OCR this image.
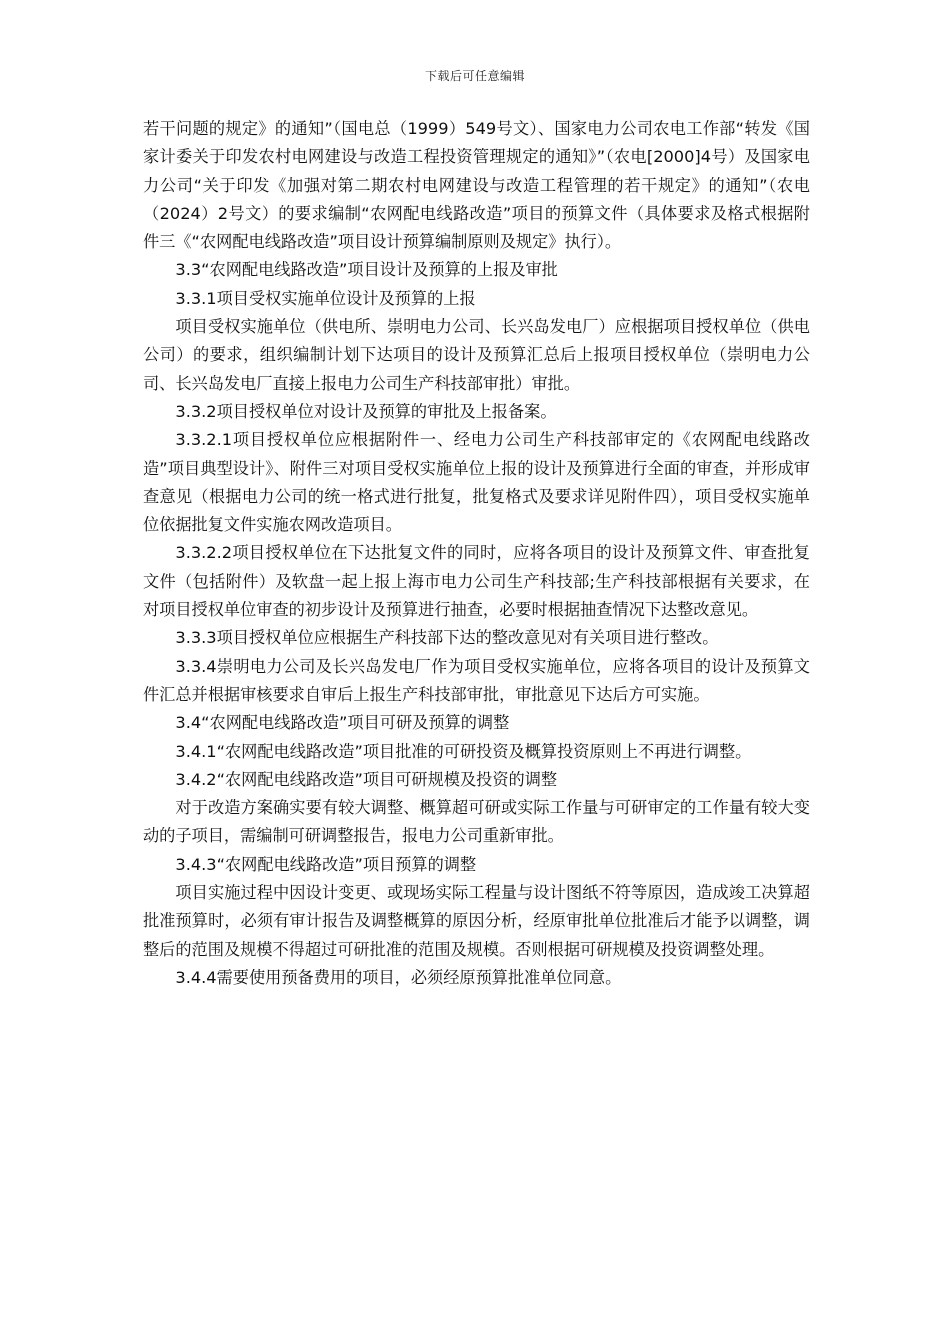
下载后可任意编辑

若干问题的规定》的通知”（国电总（1999）549号文）、国家电力公司农电工作部“转发《国家计委关于印发农村电网建设与改造工程投资管理规定的通知》”（农电[2000]4号）及国家电力公司“关于印发《加强对第二期农村电网建设与改造工程管理的若干规定》的通知”（农电（2024）2号文）的要求编制“农网配电线路改造”项目的预算文件（具体要求及格式根据附件三《“农网配电线路改造”项目设计预算编制原则及规定》执行）。

3.3“农网配电线路改造”项目设计及预算的上报及审批

3.3.1项目受权实施单位设计及预算的上报

项目受权实施单位（供电所、崇明电力公司、长兴岛发电厂）应根据项目授权单位（供电公司）的要求，组织编制计划下达项目的设计及预算汇总后上报项目授权单位（崇明电力公司、长兴岛发电厂直接上报电力公司生产科技部审批）审批。

3.3.2项目授权单位对设计及预算的审批及上报备案。

3.3.2.1项目授权单位应根据附件一、经电力公司生产科技部审定的《农网配电线路改造”项目典型设计》、附件三对项目受权实施单位上报的设计及预算进行全面的审查，并形成审查意见（根据电力公司的统一格式进行批复，批复格式及要求详见附件四），项目受权实施单位依据批复文件实施农网改造项目。

3.3.2.2项目授权单位在下达批复文件的同时，应将各项目的设计及预算文件、审查批复文件（包括附件）及软盘一起上报上海市电力公司生产科技部;生产科技部根据有关要求，在对项目授权单位审查的初步设计及预算进行抽查，必要时根据抽查情况下达整改意见。

3.3.3项目授权单位应根据生产科技部下达的整改意见对有关项目进行整改。

3.3.4崇明电力公司及长兴岛发电厂作为项目受权实施单位，应将各项目的设计及预算文件汇总并根据审核要求自审后上报生产科技部审批，审批意见下达后方可实施。

3.4“农网配电线路改造”项目可研及预算的调整

3.4.1“农网配电线路改造”项目批准的可研投资及概算投资原则上不再进行调整。

3.4.2“农网配电线路改造”项目可研规模及投资的调整

对于改造方案确实要有较大调整、概算超可研或实际工作量与可研审定的工作量有较大变动的子项目，需编制可研调整报告，报电力公司重新审批。

3.4.3“农网配电线路改造”项目预算的调整

项目实施过程中因设计变更、或现场实际工程量与设计图纸不符等原因，造成竣工决算超批准预算时，必须有审计报告及调整概算的原因分析，经原审批单位批准后才能予以调整，调整后的范围及规模不得超过可研批准的范围及规模。否则根据可研规模及投资调整处理。

3.4.4需要使用预备费用的项目，必须经原预算批准单位同意。
